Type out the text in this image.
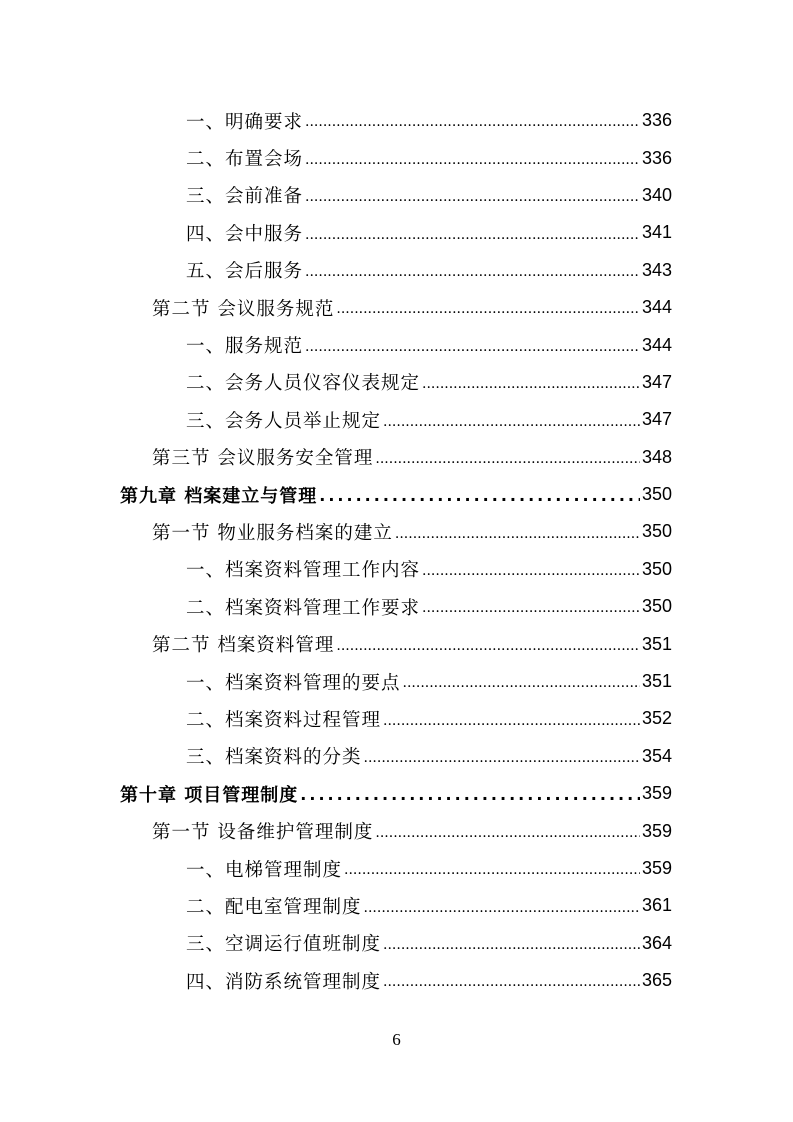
一、明确要求 .....	336
二、布置会场 .....	336
三、会前准备 .....	340
四、会中服务 .....	341
五、会后服务 .....	343
第二节 会议服务规范 .....	344
一、服务规范 .....	344
二、会务人员仪容仪表规定 .....	347
三、会务人员举止规定 .....	347
第三节 会议服务安全管理 .....	348
第九章 档案建立与管理 .....	350
第一节 物业服务档案的建立 .....	350
一、档案资料管理工作内容 .....	350
二、档案资料管理工作要求 .....	350
第二节 档案资料管理 .....	351
一、档案资料管理的要点 .....	351
二、档案资料过程管理 .....	352
三、档案资料的分类 .....	354
第十章 项目管理制度 .....	359
第一节 设备维护管理制度 .....	359
一、电梯管理制度 .....	359
二、配电室管理制度 .....	361
三、空调运行值班制度 .....	364
四、消防系统管理制度 .....	365
6
